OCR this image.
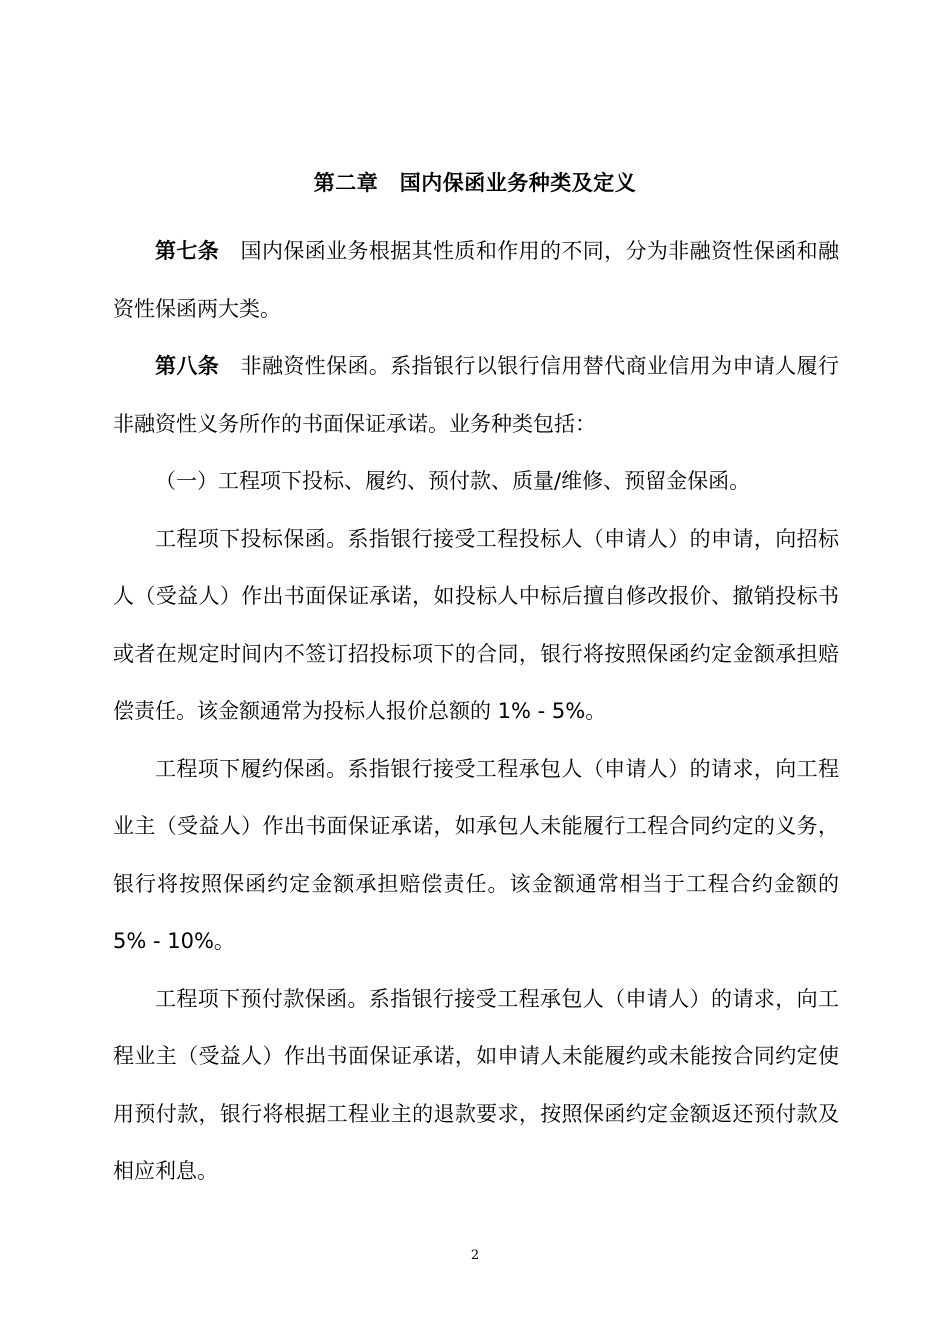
第二章　国内保函业务种类及定义

第七条　国内保函业务根据其性质和作用的不同，分为非融资性保函和融资性保函两大类。

第八条　非融资性保函。系指银行以银行信用替代商业信用为申请人履行非融资性义务所作的书面保证承诺。业务种类包括：

（一）工程项下投标、履约、预付款、质量/维修、预留金保函。

工程项下投标保函。系指银行接受工程投标人（申请人）的申请，向招标人（受益人）作出书面保证承诺，如投标人中标后擅自修改报价、撤销投标书或者在规定时间内不签订招投标项下的合同，银行将按照保函约定金额承担赔偿责任。该金额通常为投标人报价总额的 1% - 5%。

工程项下履约保函。系指银行接受工程承包人（申请人）的请求，向工程业主（受益人）作出书面保证承诺，如承包人未能履行工程合同约定的义务，银行将按照保函约定金额承担赔偿责任。该金额通常相当于工程合约金额的 5% - 10%。

工程项下预付款保函。系指银行接受工程承包人（申请人）的请求，向工程业主（受益人）作出书面保证承诺，如申请人未能履约或未能按合同约定使用预付款，银行将根据工程业主的退款要求，按照保函约定金额返还预付款及相应利息。

2
